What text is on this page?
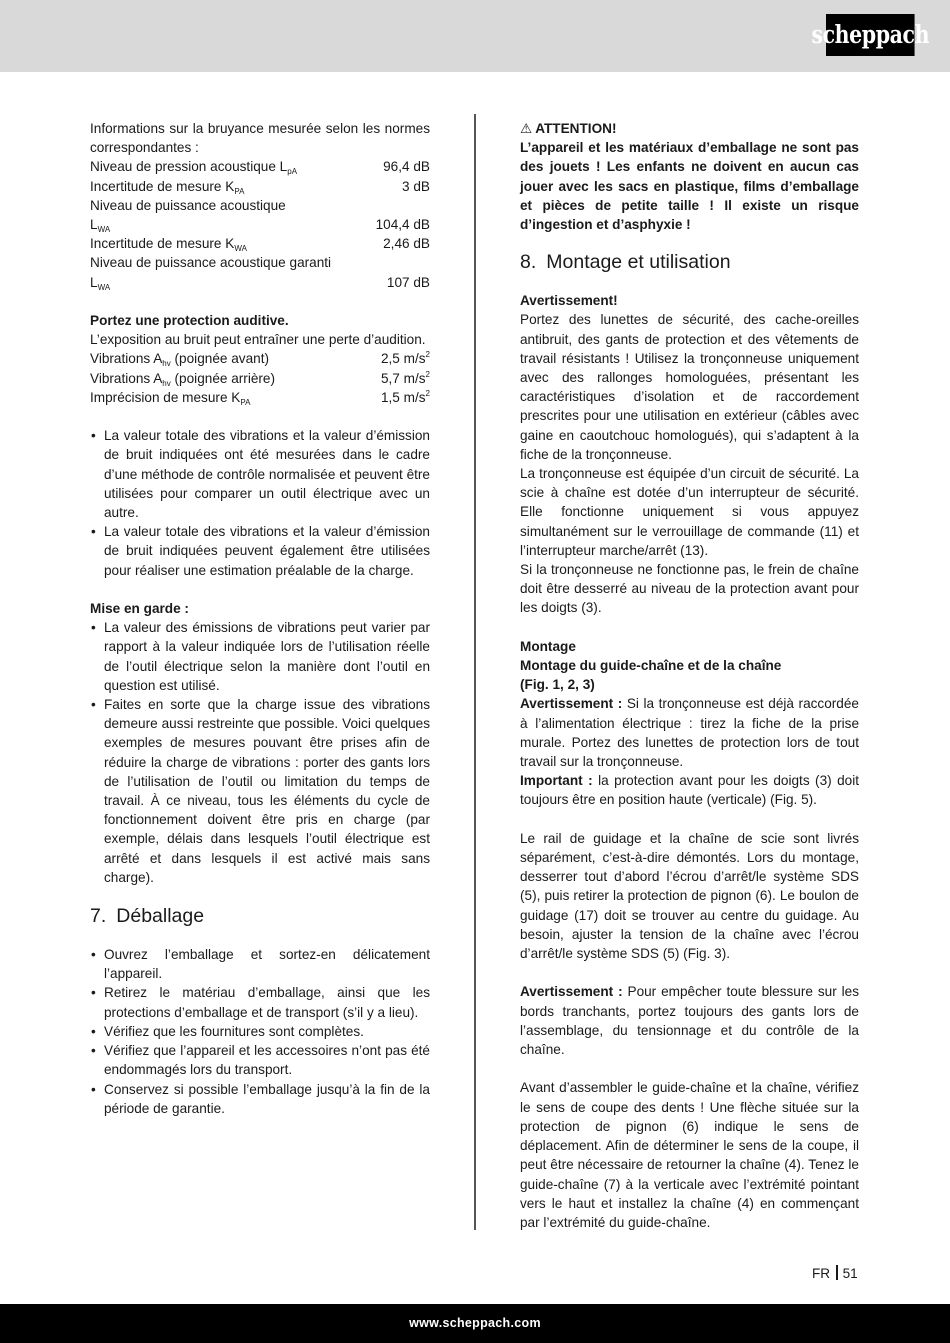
scheppach

Informations sur la bruyance mesurée selon les normes correspondantes :

Niveau de pression acoustique $L_{pA}$	96,4 dB
Incertitude de mesure $K_{PA}$	3 dB

Niveau de puissance acoustique

$L_{WA}$	104,4 dB
Incertitude de mesure $K_{WA}$	2,46 dB

Niveau de puissance acoustique garanti

$L_{WA}$	107 dB

Portez une protection auditive.

L’exposition au bruit peut entraîner une perte d’audition.

Vibrations $A_{hv}$ (poignée avant)	2,5 $m/s^2$
Vibrations $A_{hv}$ (poignée arrière)	5,7 $m/s^2$
Imprécision de mesure $K_{PA}$	1,5 $m/s^2$
• La valeur totale des vibrations et la valeur d’émission de bruit indiquées ont été mesurées dans le cadre d’une méthode de contrôle normalisée et peuvent être utilisées pour comparer un outil électrique avec un autre.
• La valeur totale des vibrations et la valeur d’émission de bruit indiquées peuvent également être utilisées pour réaliser une estimation préalable de la charge.

Mise en garde :

• La valeur des émissions de vibrations peut varier par rapport à la valeur indiquée lors de l’utilisation réelle de l’outil électrique selon la manière dont l’outil en question est utilisé.
• Faites en sorte que la charge issue des vibrations demeure aussi restreinte que possible. Voici quelques exemples de mesures pouvant être prises afin de réduire la charge de vibrations : porter des gants lors de l’utilisation de l’outil ou limitation du temps de travail. À ce niveau, tous les éléments du cycle de fonctionnement doivent être pris en charge (par exemple, délais dans lesquels l’outil électrique est arrêté et dans lesquels il est activé mais sans charge).
7. Déballage
• Ouvrez l’emballage et sortez-en délicatement l’appareil.
• Retirez le matériau d’emballage, ainsi que les protections d’emballage et de transport (s’il y a lieu).
• Vérifiez que les fournitures sont complètes.
• Vérifiez que l’appareil et les accessoires n’ont pas été endommagés lors du transport.
• Conservez si possible l’emballage jusqu’à la fin de la période de garantie.

⚠ ATTENTION!

L’appareil et les matériaux d’emballage ne sont pas des jouets ! Les enfants ne doivent en aucun cas jouer avec les sacs en plastique, films d’emballage et pièces de petite taille ! Il existe un risque d’ingestion et d’asphyxie !

8. Montage et utilisation

Avertissement!

Portez des lunettes de sécurité, des cache-oreilles antibruit, des gants de protection et des vêtements de travail résistants ! Utilisez la tronçonneuse uniquement avec des rallonges homologuées, présentant les caractéristiques d’isolation et de raccordement prescrites pour une utilisation en extérieur (câbles avec gaine en caoutchouc homologués), qui s’adaptent à la fiche de la tronçonneuse.

La tronçonneuse est équipée d’un circuit de sécurité. La scie à chaîne est dotée d’un interrupteur de sécurité. Elle fonctionne uniquement si vous appuyez simultanément sur le verrouillage de commande (11) et l’interrupteur marche/arrêt (13).

Si la tronçonneuse ne fonctionne pas, le frein de chaîne doit être desserré au niveau de la protection avant pour les doigts (3).

Montage

Montage du guide-chaîne et de la chaîne

(Fig. 1, 2, 3)

Avertissement : Si la tronçonneuse est déjà raccordée à l’alimentation électrique : tirez la fiche de la prise murale. Portez des lunettes de protection lors de tout travail sur la tronçonneuse.

Important : la protection avant pour les doigts (3) doit toujours être en position haute (verticale) (Fig. 5).

Le rail de guidage et la chaîne de scie sont livrés séparément, c’est-à-dire démontés. Lors du montage, desserrer tout d’abord l’écrou d’arrêt/le système SDS (5), puis retirer la protection de pignon (6). Le boulon de guidage (17) doit se trouver au centre du guidage. Au besoin, ajuster la tension de la chaîne avec l’écrou d’arrêt/le système SDS (5) (Fig. 3).

Avertissement : Pour empêcher toute blessure sur les bords tranchants, portez toujours des gants lors de l’assemblage, du tensionnage et du contrôle de la chaîne.

Avant d’assembler le guide-chaîne et la chaîne, vérifiez le sens de coupe des dents ! Une flèche située sur la protection de pignon (6) indique le sens de déplacement. Afin de déterminer le sens de la coupe, il peut être nécessaire de retourner la chaîne (4). Tenez le guide-chaîne (7) à la verticale avec l’extrémité pointant vers le haut et installez la chaîne (4) en commençant par l’extrémité du guide-chaîne.

FR 51
www.scheppach.com
